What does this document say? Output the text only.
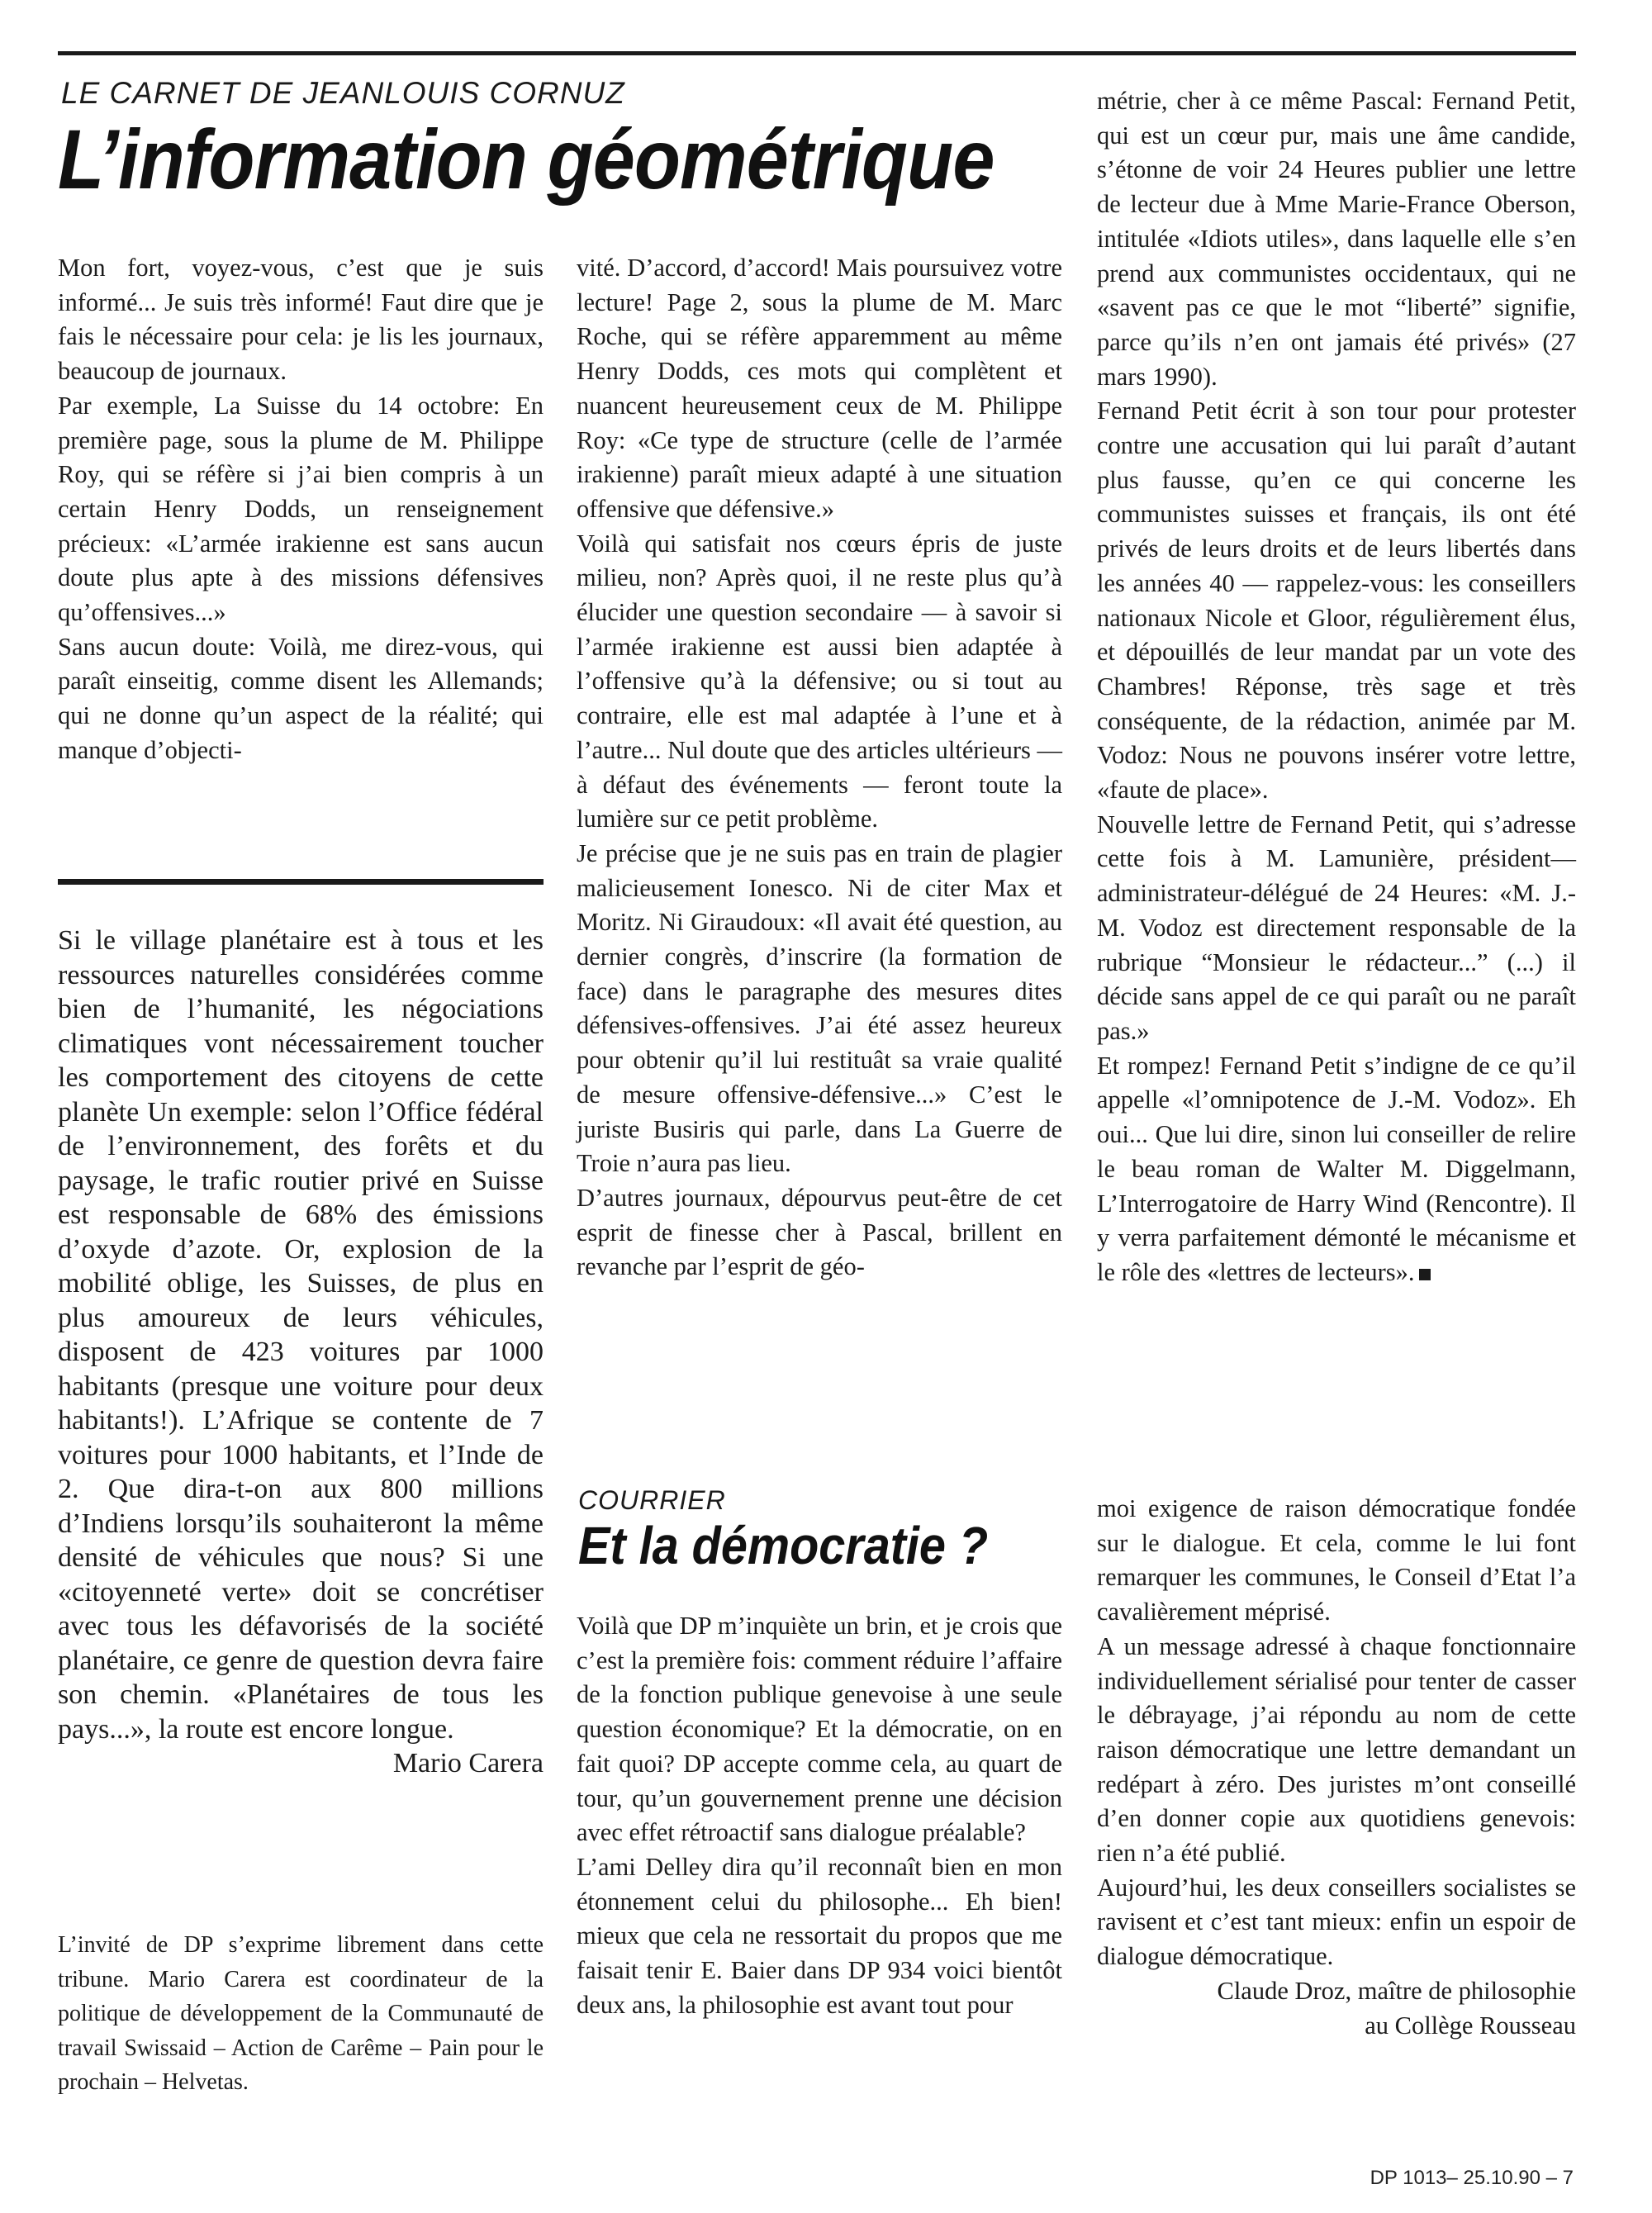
LE CARNET DE JEANLOUIS CORNUZ
L’information géométrique

Mon fort, voyez-vous, c’est que je suis informé... Je suis très informé! Faut dire que je fais le nécessaire pour cela: je lis les journaux, beaucoup de journaux.

Par exemple, La Suisse du 14 octobre: En première page, sous la plume de M. Philippe Roy, qui se réfère si j’ai bien compris à un certain Henry Dodds, un renseignement précieux: «L’armée irakienne est sans aucun doute plus apte à des missions défensives qu’offensives...»

Sans aucun doute: Voilà, me direz-vous, qui paraît einseitig, comme disent les Allemands; qui ne donne qu’un aspect de la réalité; qui manque d’objecti-

vité. D’accord, d’accord! Mais poursuivez votre lecture! Page 2, sous la plume de M. Marc Roche, qui se réfère apparemment au même Henry Dodds, ces mots qui complètent et nuancent heureusement ceux de M. Philippe Roy: «Ce type de structure (celle de l’armée irakienne) paraît mieux adapté à une situation offensive que défensive.»

Voilà qui satisfait nos cœurs épris de juste milieu, non? Après quoi, il ne reste plus qu’à élucider une question secondaire — à savoir si l’armée irakienne est aussi bien adaptée à l’offensive qu’à la défensive; ou si tout au contraire, elle est mal adaptée à l’une et à l’autre... Nul doute que des articles ultérieurs — à défaut des événements — feront toute la lumière sur ce petit problème.

Je précise que je ne suis pas en train de plagier malicieusement Ionesco. Ni de citer Max et Moritz. Ni Giraudoux: «Il avait été question, au dernier congrès, d’inscrire (la formation de face) dans le paragraphe des mesures dites défensives-offensives. J’ai été assez heureux pour obtenir qu’il lui restituât sa vraie qualité de mesure offensive-défensive...» C’est le juriste Busiris qui parle, dans La Guerre de Troie n’aura pas lieu.

D’autres journaux, dépourvus peut-être de cet esprit de finesse cher à Pascal, brillent en revanche par l’esprit de géo-

métrie, cher à ce même Pascal: Fernand Petit, qui est un cœur pur, mais une âme candide, s’étonne de voir 24 Heures publier une lettre de lecteur due à Mme Marie-France Oberson, intitulée «Idiots utiles», dans laquelle elle s’en prend aux communistes occidentaux, qui ne «savent pas ce que le mot “liberté” signifie, parce qu’ils n’en ont jamais été privés» (27 mars 1990).

Fernand Petit écrit à son tour pour protester contre une accusation qui lui paraît d’autant plus fausse, qu’en ce qui concerne les communistes suisses et français, ils ont été privés de leurs droits et de leurs libertés dans les années 40 — rappelez-vous: les conseillers nationaux Nicole et Gloor, régulièrement élus, et dépouillés de leur mandat par un vote des Chambres! Réponse, très sage et très conséquente, de la rédaction, animée par M. Vodoz: Nous ne pouvons insérer votre lettre, «faute de place».

Nouvelle lettre de Fernand Petit, qui s’adresse cette fois à M. Lamunière, président—administrateur-délégué de 24 Heures: «M. J.-M. Vodoz est directement responsable de la rubrique “Monsieur le rédacteur...” (...) il décide sans appel de ce qui paraît ou ne paraît pas.»

Et rompez! Fernand Petit s’indigne de ce qu’il appelle «l’omnipotence de J.-M. Vodoz». Eh oui... Que lui dire, sinon lui conseiller de relire le beau roman de Walter M. Diggelmann, L’Interrogatoire de Harry Wind (Rencontre). Il y verra parfaitement démonté le mécanisme et le rôle des «lettres de lecteurs».

Si le village planétaire est à tous et les ressources naturelles considérées comme bien de l’humanité, les négociations climatiques vont nécessairement toucher les comportement des citoyens de cette planète Un exemple: selon l’Office fédéral de l’environnement, des forêts et du paysage, le trafic routier privé en Suisse est responsable de 68% des émissions d’oxyde d’azote. Or, explosion de la mobilité oblige, les Suisses, de plus en plus amoureux de leurs véhicules, disposent de 423 voitures par 1000 habitants (presque une voiture pour deux habitants!). L’Afrique se contente de 7 voitures pour 1000 habitants, et l’Inde de 2. Que dira-t-on aux 800 millions d’Indiens lorsqu’ils souhaiteront la même densité de véhicules que nous? Si une «citoyenneté verte» doit se concrétiser avec tous les défavorisés de la société planétaire, ce genre de question devra faire son chemin. «Planétaires de tous les pays...», la route est encore longue.

Mario Carera

L’invité de DP s’exprime librement dans cette tribune. Mario Carera est coordinateur de la politique de développement de la Communauté de travail Swissaid – Action de Carême – Pain pour le prochain – Helvetas.

COURRIER
Et la démocratie ?

Voilà que DP m’inquiète un brin, et je crois que c’est la première fois: comment réduire l’affaire de la fonction publique genevoise à une seule question économique? Et la démocratie, on en fait quoi? DP accepte comme cela, au quart de tour, qu’un gouvernement prenne une décision avec effet rétroactif sans dialogue préalable?

L’ami Delley dira qu’il reconnaît bien en mon étonnement celui du philosophe... Eh bien! mieux que cela ne ressortait du propos que me faisait tenir E. Baier dans DP 934 voici bientôt deux ans, la philosophie est avant tout pour

moi exigence de raison démocratique fondée sur le dialogue. Et cela, comme le lui font remarquer les communes, le Conseil d’Etat l’a cavalièrement méprisé.

A un message adressé à chaque fonctionnaire individuellement sérialisé pour tenter de casser le débrayage, j’ai répondu au nom de cette raison démocratique une lettre demandant un redépart à zéro. Des juristes m’ont conseillé d’en donner copie aux quotidiens genevois: rien n’a été publié.

Aujourd’hui, les deux conseillers socialistes se ravisent et c’est tant mieux: enfin un espoir de dialogue démocratique.

Claude Droz, maître de philosophie

au Collège Rousseau

DP 1013– 25.10.90 – 7
